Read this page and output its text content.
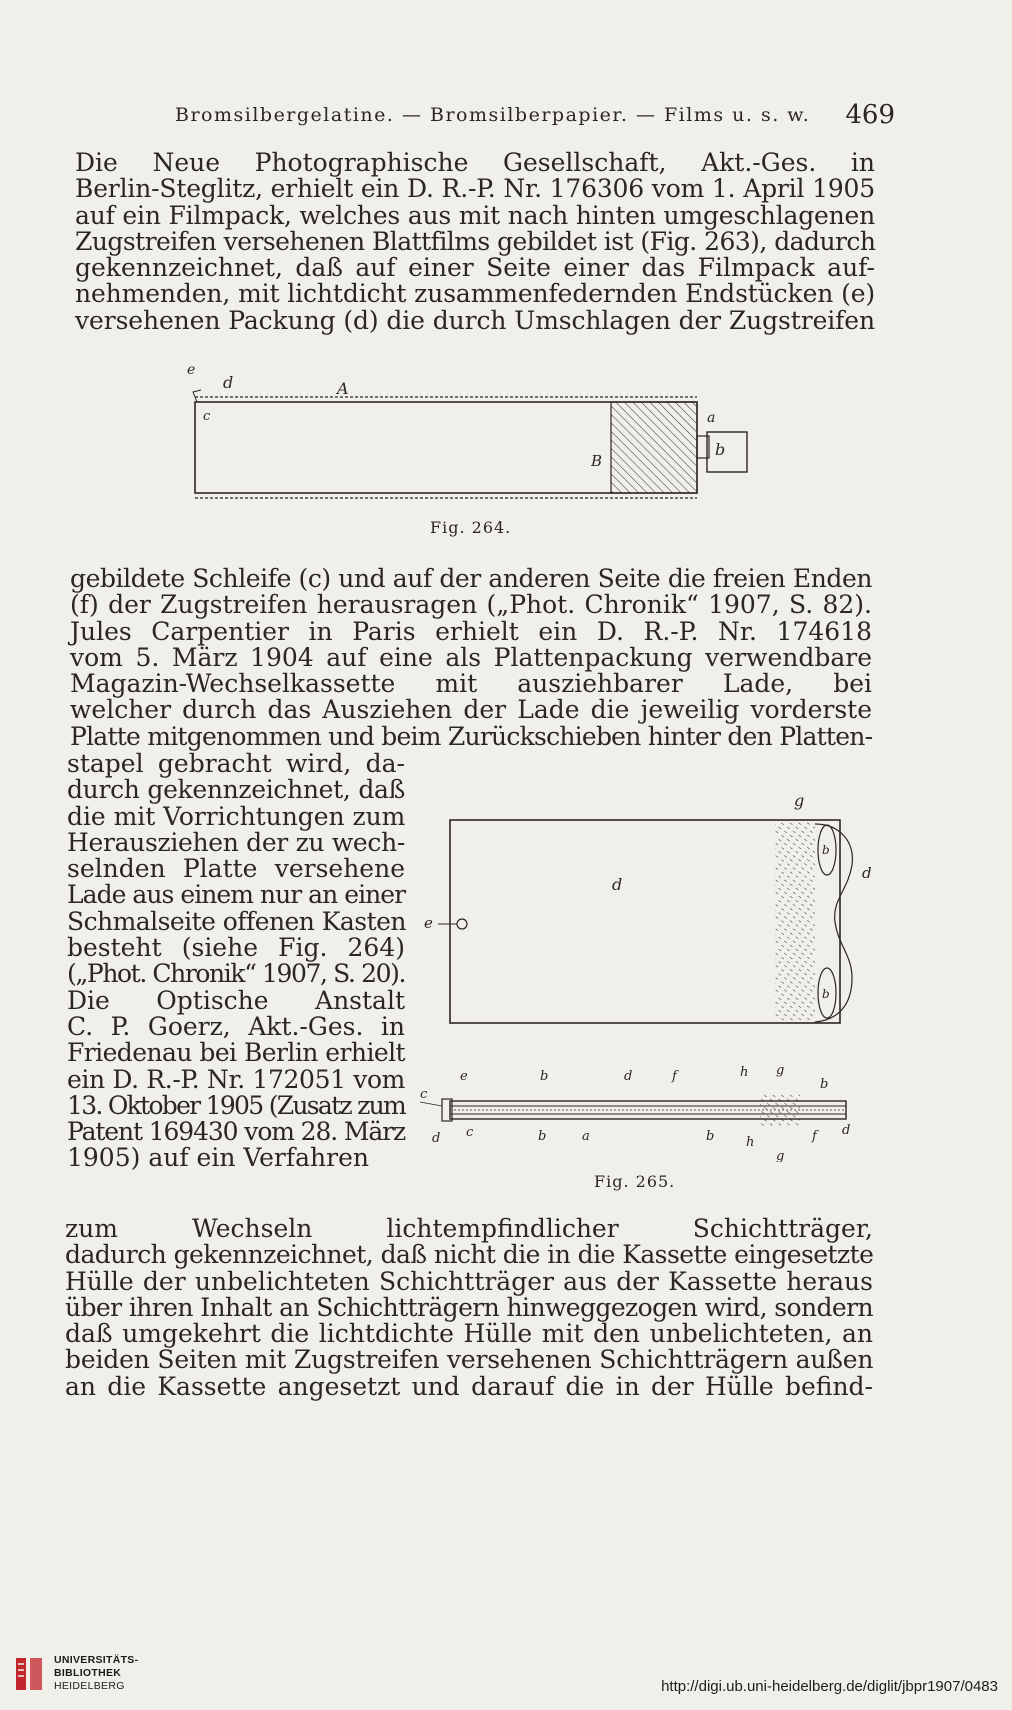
Bromsilbergelatine. — Bromsilberpapier. — Films u. s. w. 469
Die Neue Photographische Gesellschaft, Akt.-Ges. in
Berlin-Steglitz, erhielt ein D. R.-P. Nr. 176306 vom 1. April 1905
auf ein Filmpack, welches aus mit nach hinten umgeschlagenen
Zugstreifen versehenen Blattfilms gebildet ist (Fig. 263), dadurch
gekennzeichnet, daß auf einer Seite einer das Filmpack auf-
nehmenden, mit lichtdicht zusammenfedernden Endstücken (e)
versehenen Packung (d) die durch Umschlagen der Zugstreifen
e
d	A
c
B
b
a
Fig. 264.
gebildete Schleife (c) und auf der anderen Seite die freien Enden
(f) der Zugstreifen herausragen („Phot. Chronik“ 1907, S. 82).
Jules Carpentier in Paris erhielt ein D. R.-P. Nr. 174618
vom 5. März 1904 auf eine als Plattenpackung verwendbare
Magazin-Wechselkassette mit ausziehbarer Lade, bei
welcher durch das Ausziehen der Lade die jeweilig vorderste
Platte mitgenommen und beim Zurückschieben hinter den Platten-
stapel gebracht wird, da-
durch gekennzeichnet, daß
die mit Vorrichtungen zum
Herausziehen der zu wech-
selnden Platte versehene
Lade aus einem nur an einer
Schmalseite offenen Kasten
besteht (siehe Fig. 264)
(„Phot. Chronik“ 1907, S. 20).
Die Optische Anstalt
C. P. Goerz, Akt.-Ges. in
Friedenau bei Berlin erhielt
ein D. R.-P. Nr. 172051 vom
13. Oktober 1905 (Zusatz zum
Patent 169430 vom 28. März
1905) auf ein Verfahren
g
d
d
b
b
e
e	b	d	f	h g
b
c
d c	b	a	b h
g
f d
Fig. 265.
zum Wechseln lichtempfindlicher Schichtträger,
dadurch gekennzeichnet, daß nicht die in die Kassette eingesetzte
Hülle der unbelichteten Schichtträger aus der Kassette heraus
über ihren Inhalt an Schichtträgern hinweggezogen wird, sondern
daß umgekehrt die lichtdichte Hülle mit den unbelichteten, an
beiden Seiten mit Zugstreifen versehenen Schichtträgern außen
an die Kassette angesetzt und darauf die in der Hülle befind-
UNIVERSITÄTS-
BIBLIOTHEK
HEIDELBERG	http://digi.ub.uni-heidelberg.de/diglit/jbpr1907/0483
